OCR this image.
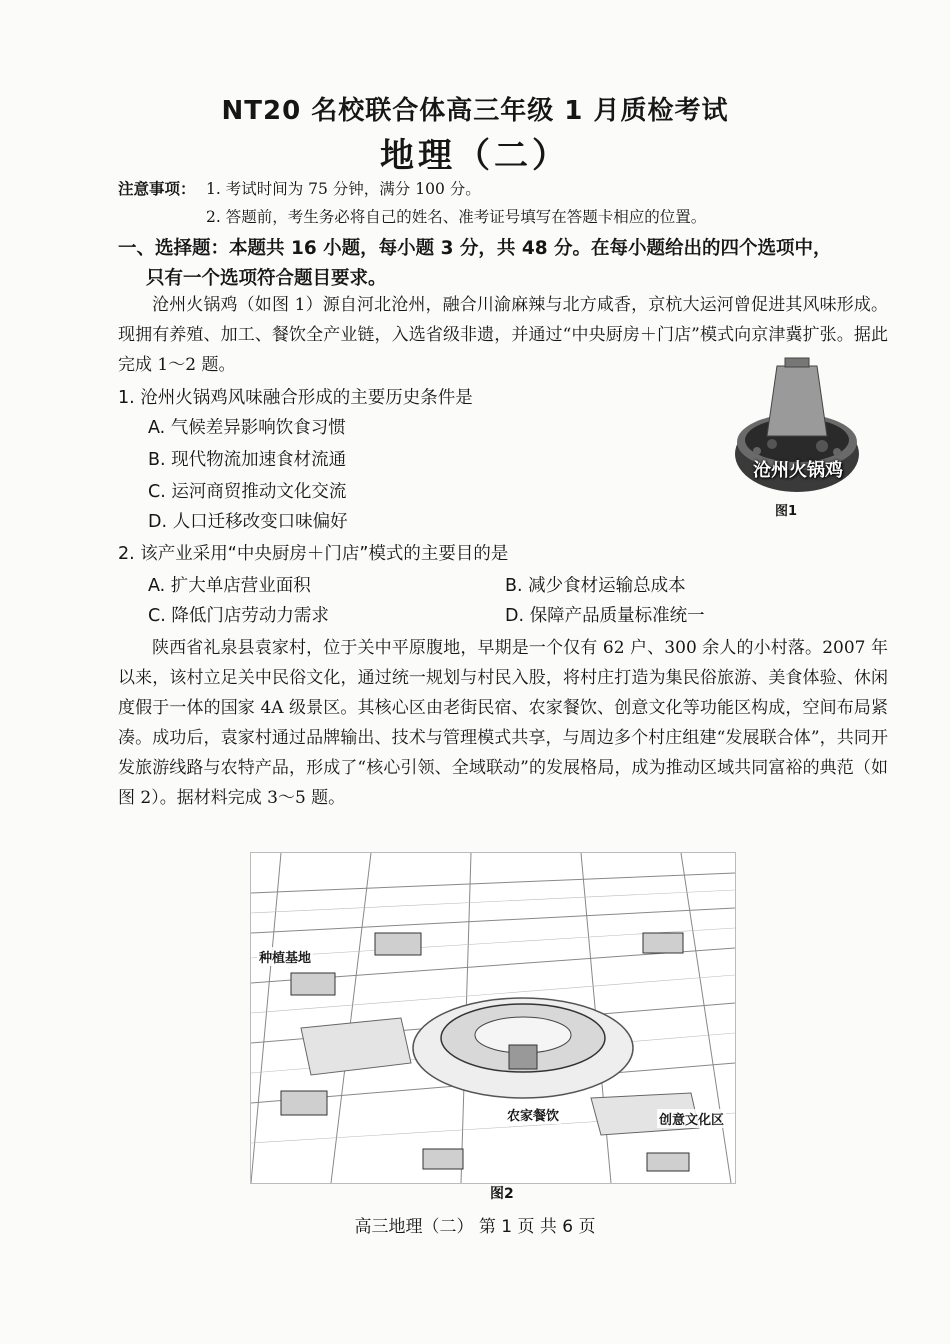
NT20 名校联合体高三年级 1 月质检考试
地理（二）
注意事项： 1. 考试时间为 75 分钟，满分 100 分。
2. 答题前，考生务必将自己的姓名、准考证号填写在答题卡相应的位置。
一、选择题：本题共 16 小题，每小题 3 分，共 48 分。在每小题给出的四个选项中，
只有一个选项符合题目要求。
沧州火锅鸡（如图 1）源自河北沧州，融合川渝麻辣与北方咸香，京杭大运河曾促进其风味形成。现拥有养殖、加工、餐饮全产业链，入选省级非遗，并通过“中央厨房＋门店”模式向京津冀扩张。据此完成 1～2 题。
1. 沧州火锅鸡风味融合形成的主要历史条件是
A. 气候差异影响饮食习惯
B. 现代物流加速食材流通
C. 运河商贸推动文化交流
D. 人口迁移改变口味偏好
沧州火锅鸡
图1
2. 该产业采用“中央厨房＋门店”模式的主要目的是
A. 扩大单店营业面积	B. 减少食材运输总成本
C. 降低门店劳动力需求	D. 保障产品质量标准统一
陕西省礼泉县袁家村，位于关中平原腹地，早期是一个仅有 62 户、300 余人的小村落。2007 年以来，该村立足关中民俗文化，通过统一规划与村民入股，将村庄打造为集民俗旅游、美食体验、休闲度假于一体的国家 4A 级景区。其核心区由老街民宿、农家餐饮、创意文化等功能区构成，空间布局紧凑。成功后，袁家村通过品牌输出、技术与管理模式共享，与周边多个村庄组建“发展联合体”，共同开发旅游线路与农特产品，形成了“核心引领、全域联动”的发展格局，成为推动区域共同富裕的典范（如图 2）。据材料完成 3～5 题。
种植基地
农家餐饮	创意文化区
图2
高三地理（二） 第 1 页 共 6 页
